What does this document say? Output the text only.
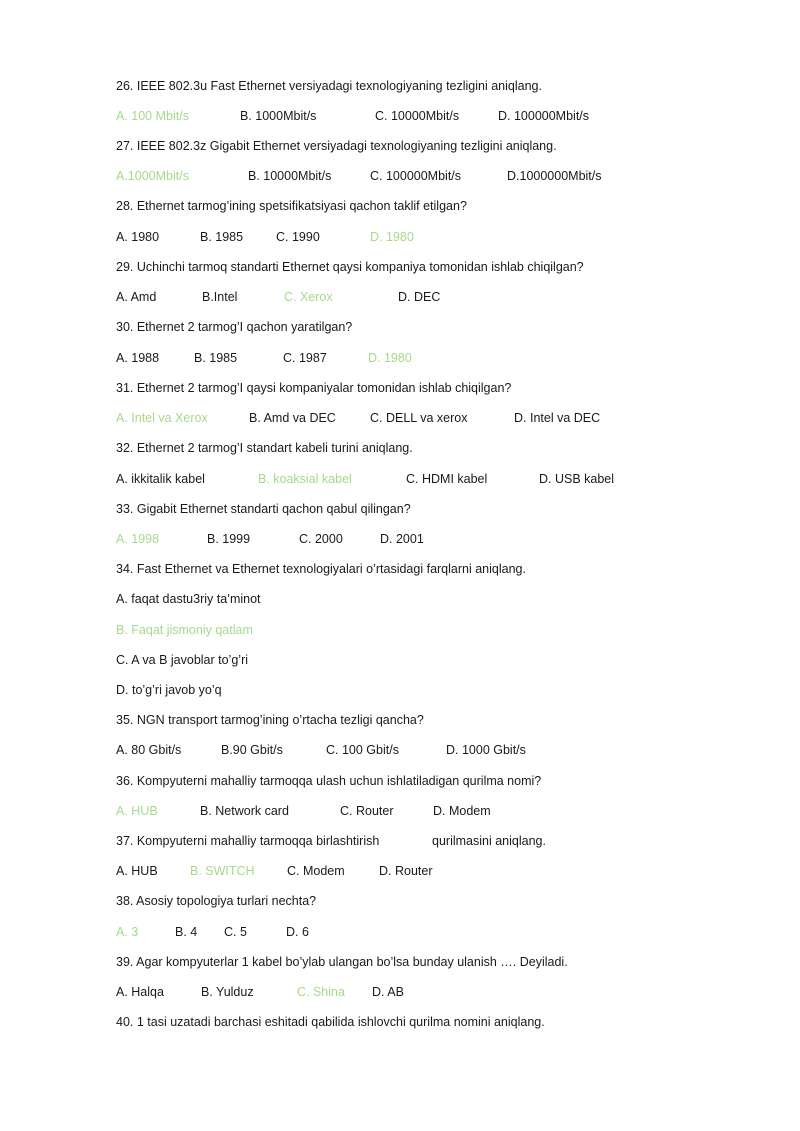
26. IEEE 802.3u Fast Ethernet versiyadagi texnologiyaning tezligini aniqlang.
A. 100 Mbit/s	B. 1000Mbit/s	C. 10000Mbit/s	D. 100000Mbit/s
27. IEEE 802.3z Gigabit Ethernet versiyadagi texnologiyaning tezligini aniqlang.
A.1000Mbit/s	B. 10000Mbit/s	C. 100000Mbit/s	D.1000000Mbit/s
28. Ethernet tarmog’ining spetsifikatsiyasi qachon taklif etilgan?
A. 1980	B. 1985	C. 1990	D. 1980
29. Uchinchi tarmoq standarti Ethernet qaysi kompaniya tomonidan ishlab chiqilgan?
A. Amd	B.Intel	C. Xerox	D. DEC
30. Ethernet 2 tarmog’I qachon yaratilgan?
A. 1988	B. 1985	C. 1987	D. 1980
31. Ethernet 2 tarmog’I qaysi kompaniyalar tomonidan ishlab chiqilgan?
A. Intel va Xerox	B. Amd va DEC	C. DELL va xerox	D. Intel va DEC
32. Ethernet 2 tarmog’I standart kabeli turini aniqlang.
A. ikkitalik kabel	B. koaksial kabel	C. HDMI kabel	D. USB kabel
33. Gigabit Ethernet standarti qachon qabul qilingan?
A. 1998	B. 1999	C. 2000	D. 2001
34. Fast Ethernet va Ethernet texnologiyalari o’rtasidagi farqlarni aniqlang.
A. faqat dastu3riy ta’minot
B. Faqat jismoniy qatlam
C. A va B javoblar to’g’ri
D. to’g’ri javob yo’q
35. NGN transport tarmog’ining o’rtacha tezligi qancha?
A. 80 Gbit/s	B.90 Gbit/s	C. 100 Gbit/s	D. 1000 Gbit/s
36. Kompyuterni mahalliy tarmoqqa ulash uchun ishlatiladigan qurilma nomi?
A. HUB	B. Network card	C. Router	D. Modem
37. Kompyuterni mahalliy tarmoqqa birlashtirish	qurilmasini aniqlang.
A. HUB	B. SWITCH	C. Modem	D. Router
38. Asosiy topologiya turlari nechta?
A. 3	B. 4 C. 5	D. 6
39. Agar kompyuterlar 1 kabel bo’ylab ulangan bo’lsa bunday ulanish …. Deyiladi.
A. Halqa	B. Yulduz	C. Shina D. AB
40. 1 tasi uzatadi barchasi eshitadi qabilida ishlovchi qurilma nomini aniqlang.
